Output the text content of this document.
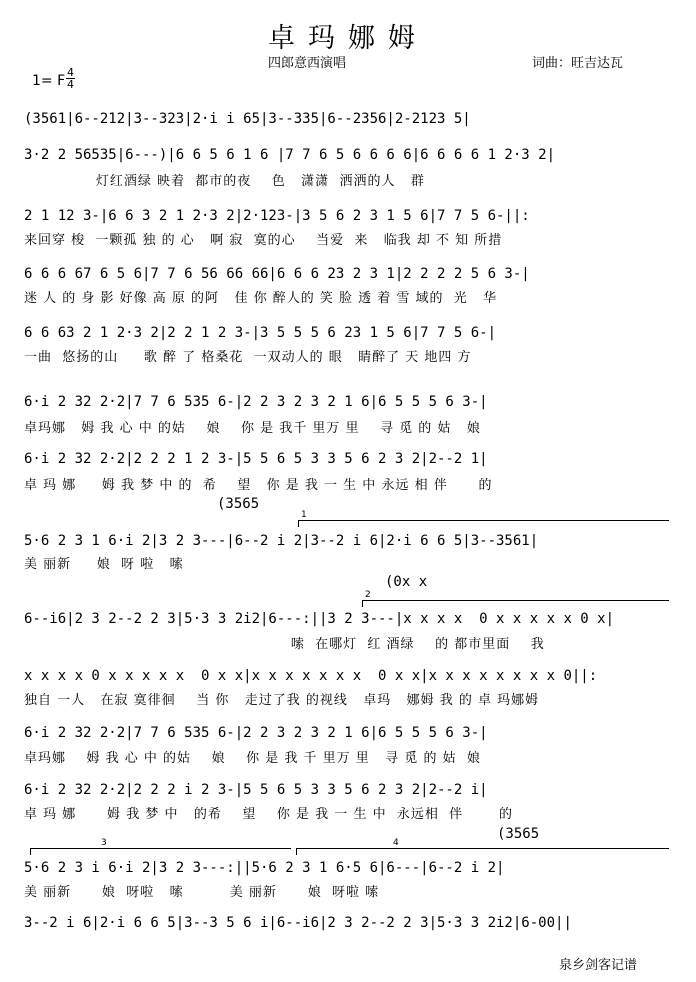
卓玛娜姆
四郎意西演唱	词曲：旺吉达瓦
1= F
4
4
(3561|6--212|3--323|2·i i 65|3--335|6--2356|2-2123 5|
3·2 2 56535|6---)|6 6 5 6 1 6 |7 7 6 5 6 6 6 6|6 6 6 6 1 2·3 2|
灯红酒绿 映着  都市的夜    色   潇潇  洒洒的人   群
2 1 12 3-|6 6 3 2 1 2·3 2|2·123-|3 5 6 2 3 1 5 6|7 7 5 6-||:
来回穿 梭  一颗孤 独 的 心   啊 寂  寞的心    当爱  来   临我 却 不 知 所措
6 6 6 67 6 5 6|7 7 6 56 66 66|6 6 6 23 2 3 1|2 2 2 2 5 6 3-|
迷 人 的 身 影 好像 高 原 的阿   佳 你 醉人的 笑 脸 透 着 雪 域的  光   华
6 6 63 2 1 2·3 2|2 2 1 2 3-|3 5 5 5 6 23 1 5 6|7 7 5 6-|
一曲  悠扬的山     歌 醉 了 格桑花  一双动人的 眼   睛醉了 天 地四 方
6·i 2 32 2·2|7 7 6 535 6-|2 2 3 2 3 2 1 6|6 5 5 5 6 3-|
卓玛娜   姆 我 心 中 的姑    娘    你 是 我千 里万 里    寻 觅 的 姑   娘
6·i 2 32 2·2|2 2 2 1 2 3-|5 5 6 5 3 3 5 6 2 3 2|2--2 1|
卓 玛 娜     姆 我 梦 中 的  希    望   你 是 我 一 生 中 永远 相 伴      的
(3565
1
5·6 2 3 1 6·i 2|3 2 3---|6--2 i 2|3--2 i 6|2·i 6 6 5|3--3561|
美 丽新     娘  呀 啦   嗦
(0x x
2
6--i6|2 3 2--2 2 3|5·3 3 2i2|6---:||3 2 3---|x x x x  0 x x x x x 0 x|
嗦  在哪灯  红 酒绿    的 都市里面    我
x x x x 0 x x x x x  0 x x|x x x x x x x  0 x x|x x x x x x x x 0||:
独自 一人   在寂 寞徘徊    当 你   走过了我 的视线   卓玛   娜姆 我 的 卓 玛娜姆
6·i 2 32 2·2|7 7 6 535 6-|2 2 3 2 3 2 1 6|6 5 5 5 6 3-|
卓玛娜    姆 我 心 中 的姑    娘    你 是 我 千 里万 里   寻 觅 的 姑  娘
6·i 2 32 2·2|2 2 2 i 2 3-|5 5 6 5 3 3 5 6 2 3 2|2--2 i|
卓 玛 娜      姆 我 梦 中   的希    望    你 是 我 一 生 中  永远相  伴       的
(3565
3	4
5·6 2 3 i 6·i 2|3 2 3---:||5·6 2 3 1 6·5 6|6---|6--2 i 2|
美 丽新      娘  呀啦   嗦         美 丽新      娘  呀啦 嗦
3--2 i 6|2·i 6 6 5|3--3 5 6 i|6--i6|2 3 2--2 2 3|5·3 3 2i2|6-00||
泉乡剑客记谱
